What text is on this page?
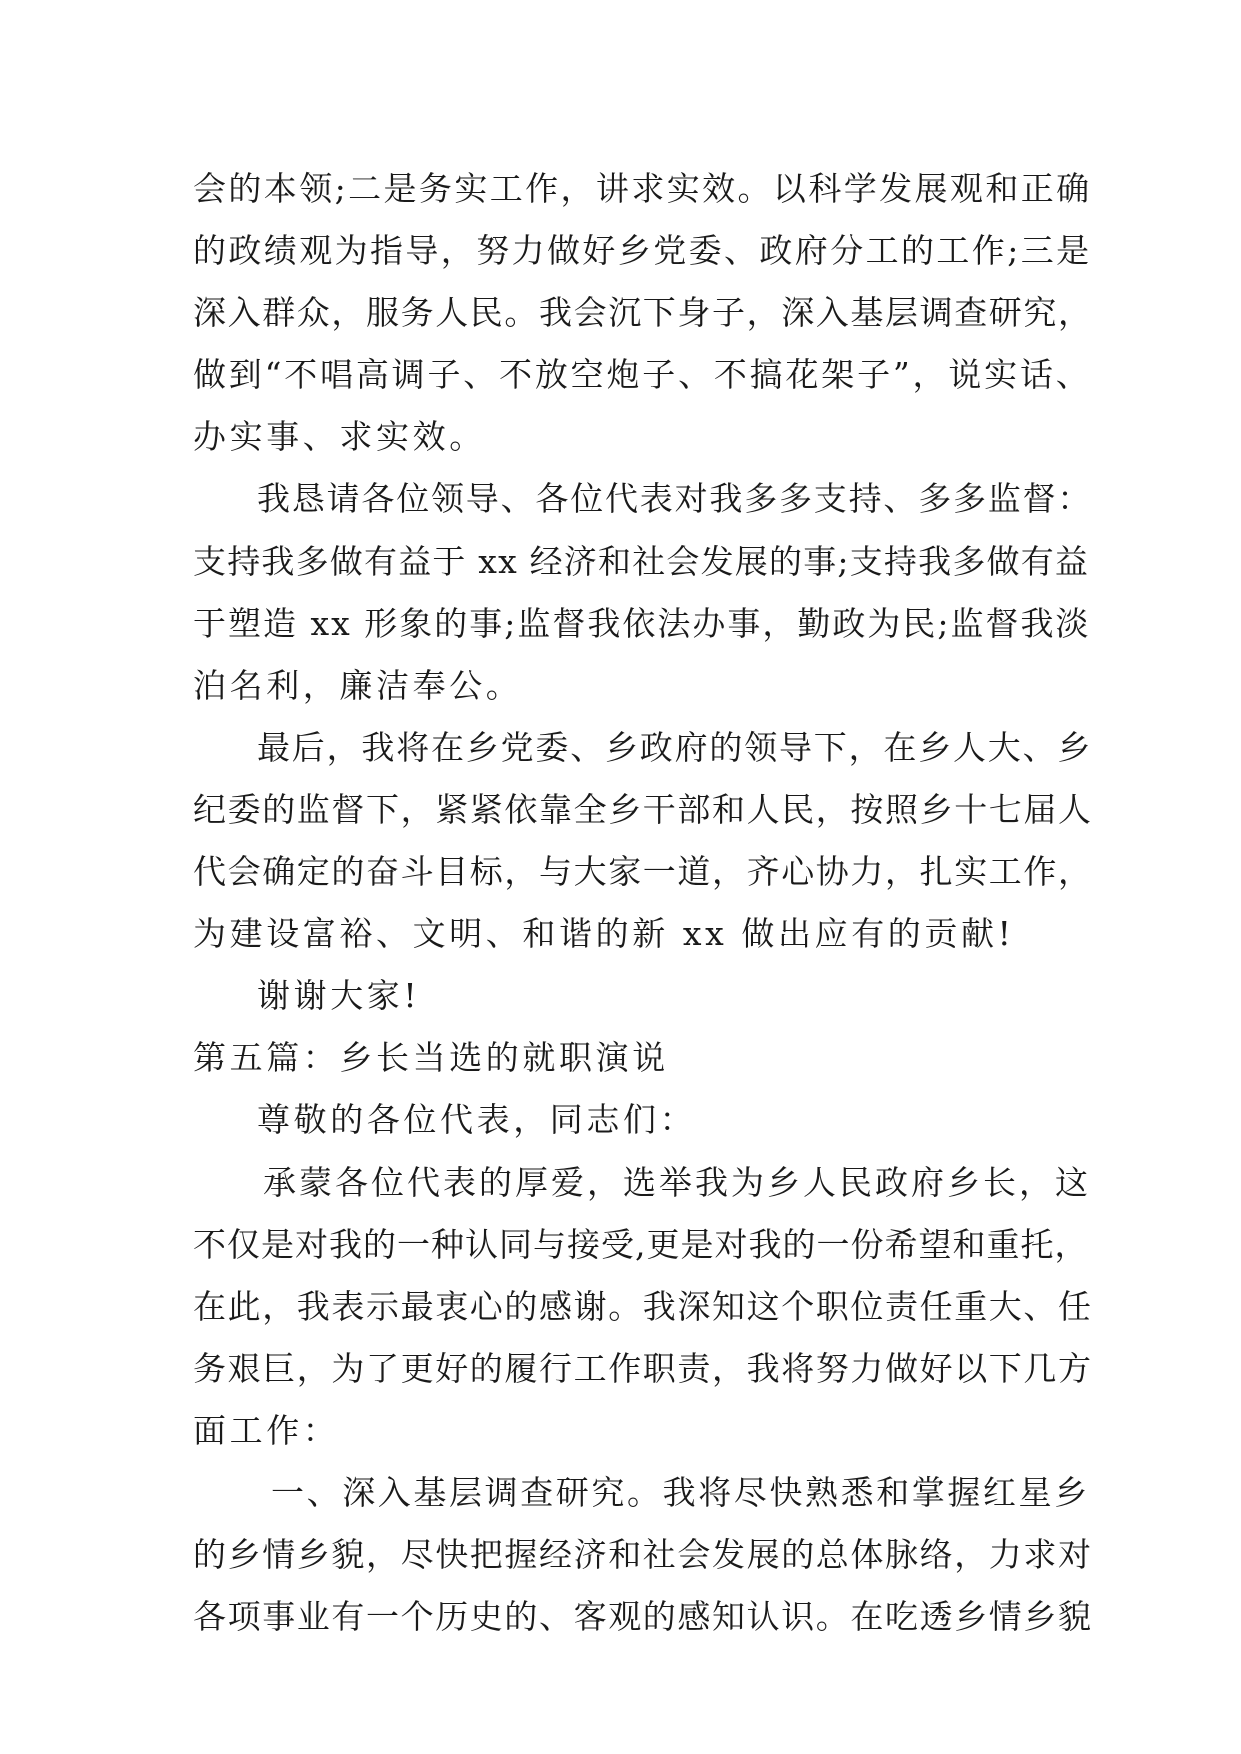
会的本领;二是务实工作，讲求实效。以科学发展观和正确
的政绩观为指导，努力做好乡党委、政府分工的工作;三是
深入群众，服务人民。我会沉下身子，深入基层调查研究，
做到“不唱高调子、不放空炮子、不搞花架子”，说实话、
办实事、求实效。
我恳请各位领导、各位代表对我多多支持、多多监督：
支持我多做有益于 xx 经济和社会发展的事;支持我多做有益
于塑造 xx 形象的事;监督我依法办事，勤政为民;监督我淡
泊名利，廉洁奉公。
最后，我将在乡党委、乡政府的领导下，在乡人大、乡
纪委的监督下，紧紧依靠全乡干部和人民，按照乡十七届人
代会确定的奋斗目标，与大家一道，齐心协力，扎实工作，
为建设富裕、文明、和谐的新 xx 做出应有的贡献!
谢谢大家!
第五篇：乡长当选的就职演说
尊敬的各位代表，同志们：
承蒙各位代表的厚爱，选举我为乡人民政府乡长，这
不仅是对我的一种认同与接受,更是对我的一份希望和重托，
在此，我表示最衷心的感谢。我深知这个职位责任重大、任
务艰巨，为了更好的履行工作职责，我将努力做好以下几方
面工作：
一、深入基层调查研究。我将尽快熟悉和掌握红星乡
的乡情乡貌，尽快把握经济和社会发展的总体脉络，力求对
各项事业有一个历史的、客观的感知认识。在吃透乡情乡貌
